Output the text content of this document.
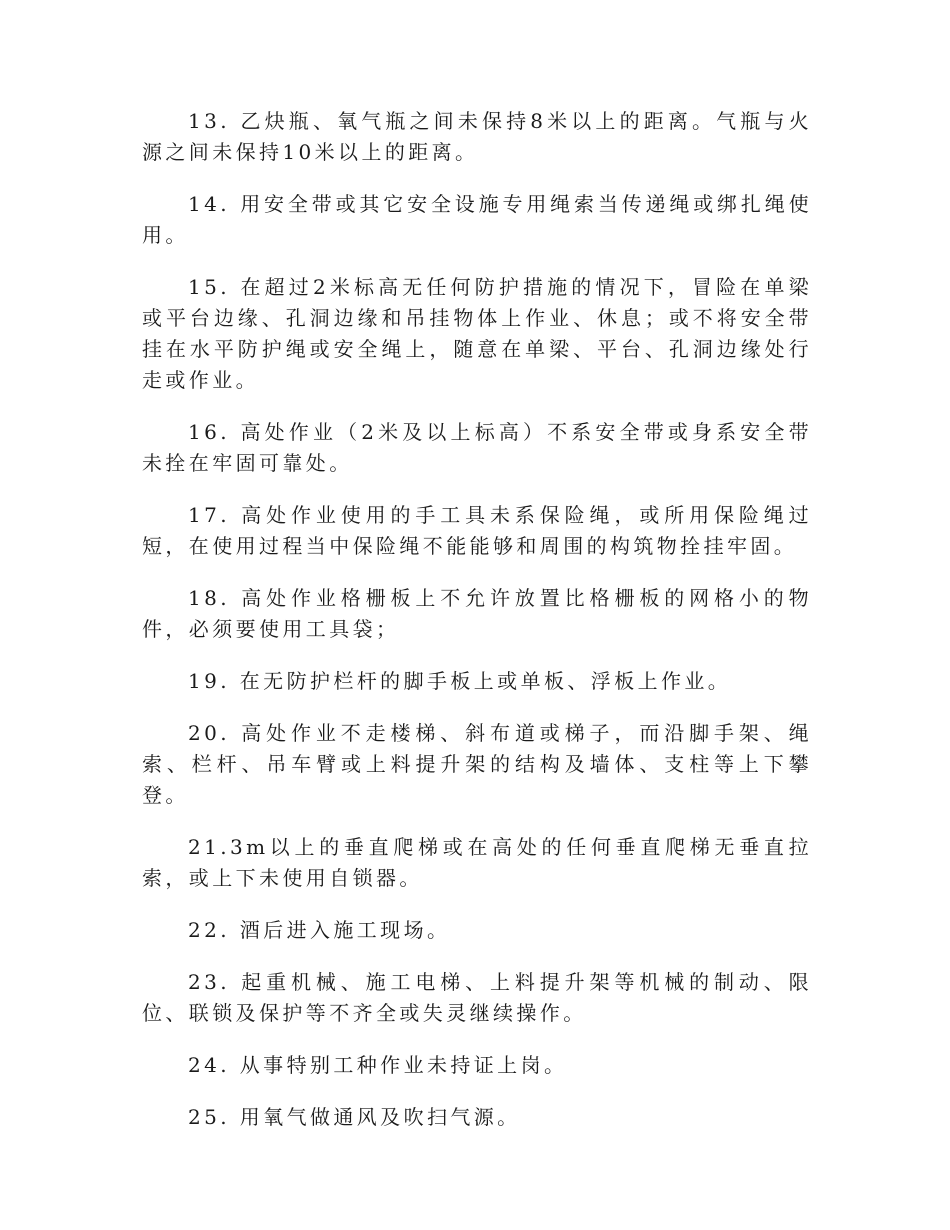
13. 乙炔瓶、氧气瓶之间未保持8米以上的距离。气瓶与火源之间未保持10米以上的距离。

14. 用安全带或其它安全设施专用绳索当传递绳或绑扎绳使用。

15. 在超过2米标高无任何防护措施的情况下，冒险在单梁或平台边缘、孔洞边缘和吊挂物体上作业、休息；或不将安全带挂在水平防护绳或安全绳上，随意在单梁、平台、孔洞边缘处行走或作业。

16. 高处作业（2米及以上标高）不系安全带或身系安全带未拴在牢固可靠处。

17. 高处作业使用的手工具未系保险绳，或所用保险绳过短，在使用过程当中保险绳不能能够和周围的构筑物拴挂牢固。

18. 高处作业格栅板上不允许放置比格栅板的网格小的物件，必须要使用工具袋；

19. 在无防护栏杆的脚手板上或单板、浮板上作业。

20. 高处作业不走楼梯、斜布道或梯子，而沿脚手架、绳索、栏杆、吊车臂或上料提升架的结构及墙体、支柱等上下攀登。

21.3m以上的垂直爬梯或在高处的任何垂直爬梯无垂直拉索，或上下未使用自锁器。

22. 酒后进入施工现场。

23. 起重机械、施工电梯、上料提升架等机械的制动、限位、联锁及保护等不齐全或失灵继续操作。

24. 从事特别工种作业未持证上岗。

25. 用氧气做通风及吹扫气源。
